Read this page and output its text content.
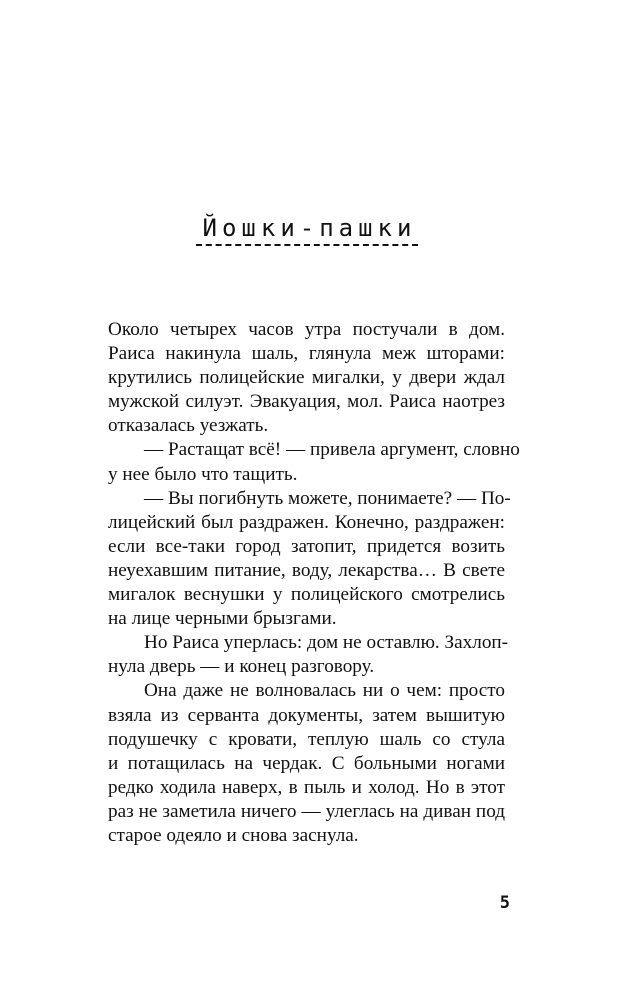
Йошки-пашки

Около четырех часов утра постучали в дом.
Раиса накинула шаль, глянула меж шторами:
крутились полицейские мигалки, у двери ждал
мужской силуэт. Эвакуация, мол. Раиса наотрез
отказалась уезжать.

— Растащат всё! — привела аргумент, словно
у нее было что тащить.

— Вы погибнуть можете, понимаете? — По-
лицейский был раздражен. Конечно, раздражен:
если все-таки город затопит, придется возить
неуехавшим питание, воду, лекарства… В свете
мигалок веснушки у полицейского смотрелись
на лице черными брызгами.

Но Раиса уперлась: дом не оставлю. Захлоп-
нула дверь — и конец разговору.

Она даже не волновалась ни о чем: просто
взяла из серванта документы, затем вышитую
подушечку с кровати, теплую шаль со стула
и потащилась на чердак. С больными ногами
редко ходила наверх, в пыль и холод. Но в этот
раз не заметила ничего — улеглась на диван под
старое одеяло и снова заснула.

5
